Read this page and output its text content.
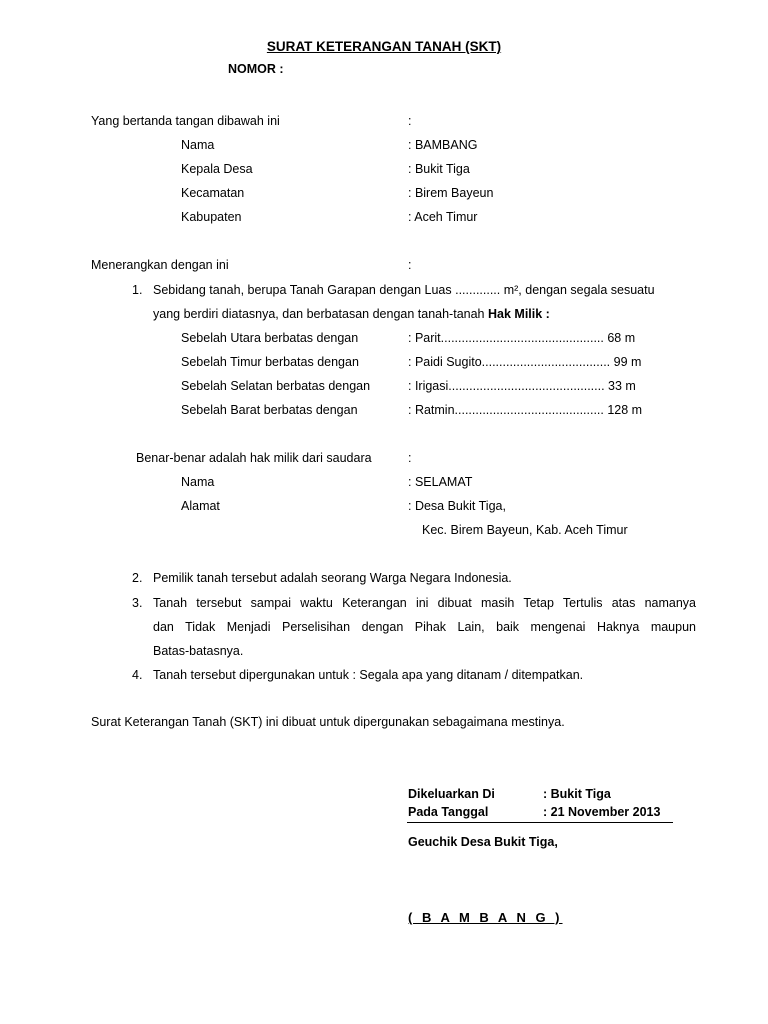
SURAT KETERANGAN TANAH (SKT)
NOMOR :
Yang bertanda tangan dibawah ini	:
Nama	: BAMBANG
Kepala Desa	: Bukit Tiga
Kecamatan	: Birem Bayeun
Kabupaten	: Aceh Timur
Menerangkan dengan ini	:
1. Sebidang tanah, berupa Tanah Garapan dengan Luas ............. m², dengan segala sesuatu
yang berdiri diatasnya, dan berbatasan dengan tanah-tanah Hak Milik :
Sebelah Utara berbatas dengan	: Parit............................................... 68 m
Sebelah Timur berbatas dengan	: Paidi Sugito..................................... 99 m
Sebelah Selatan berbatas dengan	: Irigasi............................................. 33 m
Sebelah Barat berbatas dengan	: Ratmin........................................... 128 m
Benar-benar adalah hak milik dari saudara	:
Nama	: SELAMAT
Alamat	: Desa Bukit Tiga,
Kec. Birem Bayeun, Kab. Aceh Timur
2. Pemilik tanah tersebut adalah seorang Warga Negara Indonesia.
3. Tanah tersebut sampai waktu Keterangan ini dibuat masih Tetap Tertulis atas namanya
dan Tidak Menjadi Perselisihan dengan Pihak Lain, baik mengenai Haknya maupun
Batas-batasnya.
4. Tanah tersebut dipergunakan untuk : Segala apa yang ditanam / ditempatkan.
Surat Keterangan Tanah (SKT) ini dibuat untuk dipergunakan sebagaimana mestinya.
Dikeluarkan Di	: Bukit Tiga
Pada Tanggal	: 21 November 2013
Geuchik Desa Bukit Tiga,
( B A M B A N G )
